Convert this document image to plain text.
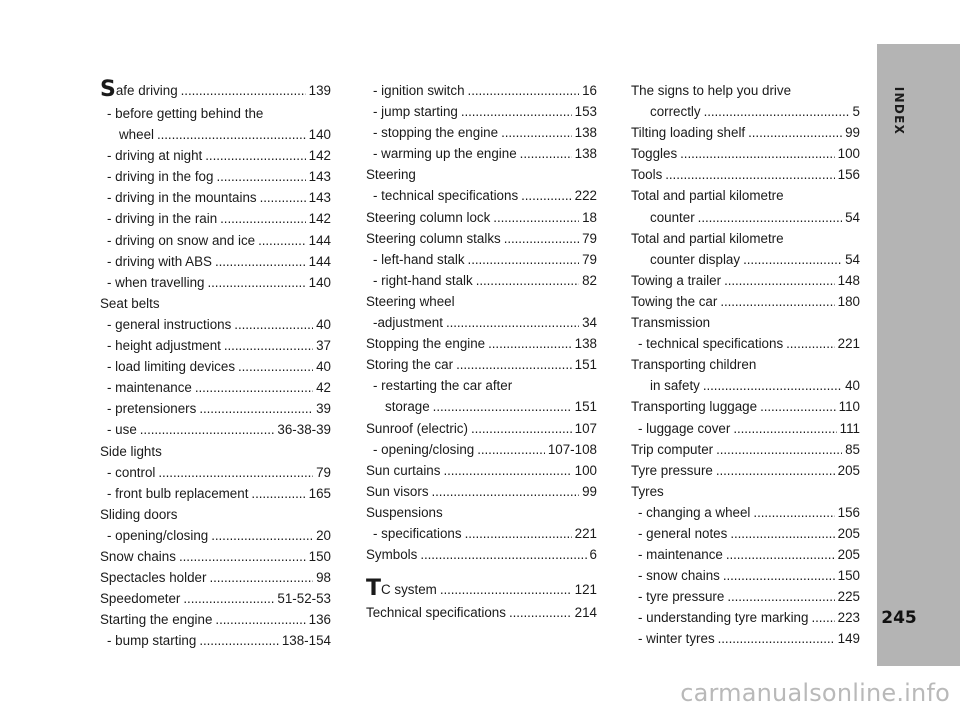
Safe driving . . .	139
- before getting behind the
wheel . . .	140
- driving at night . . .	142
- driving in the fog . . .	143
- driving in the mountains . . .	143
- driving in the rain . . .	142
- driving on snow and ice . . .	144
- driving with ABS . . .	144
- when travelling . . .	140
Seat belts
- general instructions . . .	40
- height adjustment . . .	37
- load limiting devices . . .	40
- maintenance . . .	42
- pretensioners . . .	39
- use . . .	36-38-39
Side lights
- control . . .	79
- front bulb replacement . . .	165
Sliding doors
- opening/closing . . .	20
Snow chains . . .	150
Spectacles holder . . .	98
Speedometer . . .	51-52-53
Starting the engine . . .	136
- bump starting . . .	138-154
- ignition switch . . .	16
- jump starting . . .	153
- stopping the engine . . .	138
- warming up the engine . . .	138
Steering
- technical specifications . . .	222
Steering column lock . . .	18
Steering column stalks . . .	79
- left-hand stalk . . .	79
- right-hand stalk . . .	82
Steering wheel
-adjustment . . .	34
Stopping the engine . . .	138
Storing the car . . .	151
- restarting the car after
storage . . .	151
Sunroof (electric) . . .	107
- opening/closing . . .	107-108
Sun curtains . . .	100
Sun visors . . .	99
Suspensions
- specifications . . .	221
Symbols . . .	6
TC system . . .	121
Technical specifications . . .	214
The signs to help you drive
correctly . . .	5
Tilting loading shelf . . .	99
Toggles . . .	100
Tools . . .	156
Total and partial kilometre
counter . . .	54
Total and partial kilometre
counter display . . .	54
Towing a trailer . . .	148
Towing the car . . .	180
Transmission
- technical specifications . . .	221
Transporting children
in safety . . .	40
Transporting luggage . . .	110
- luggage cover . . .	111
Trip computer . . .	85
Tyre pressure . . .	205
Tyres
- changing a wheel . . .	156
- general notes . . .	205
- maintenance . . .	205
- snow chains . . .	150
- tyre pressure . . .	225
- understanding tyre marking . . . 223
- winter tyres . . .	149
INDEX
245
carmanualsonline.info
